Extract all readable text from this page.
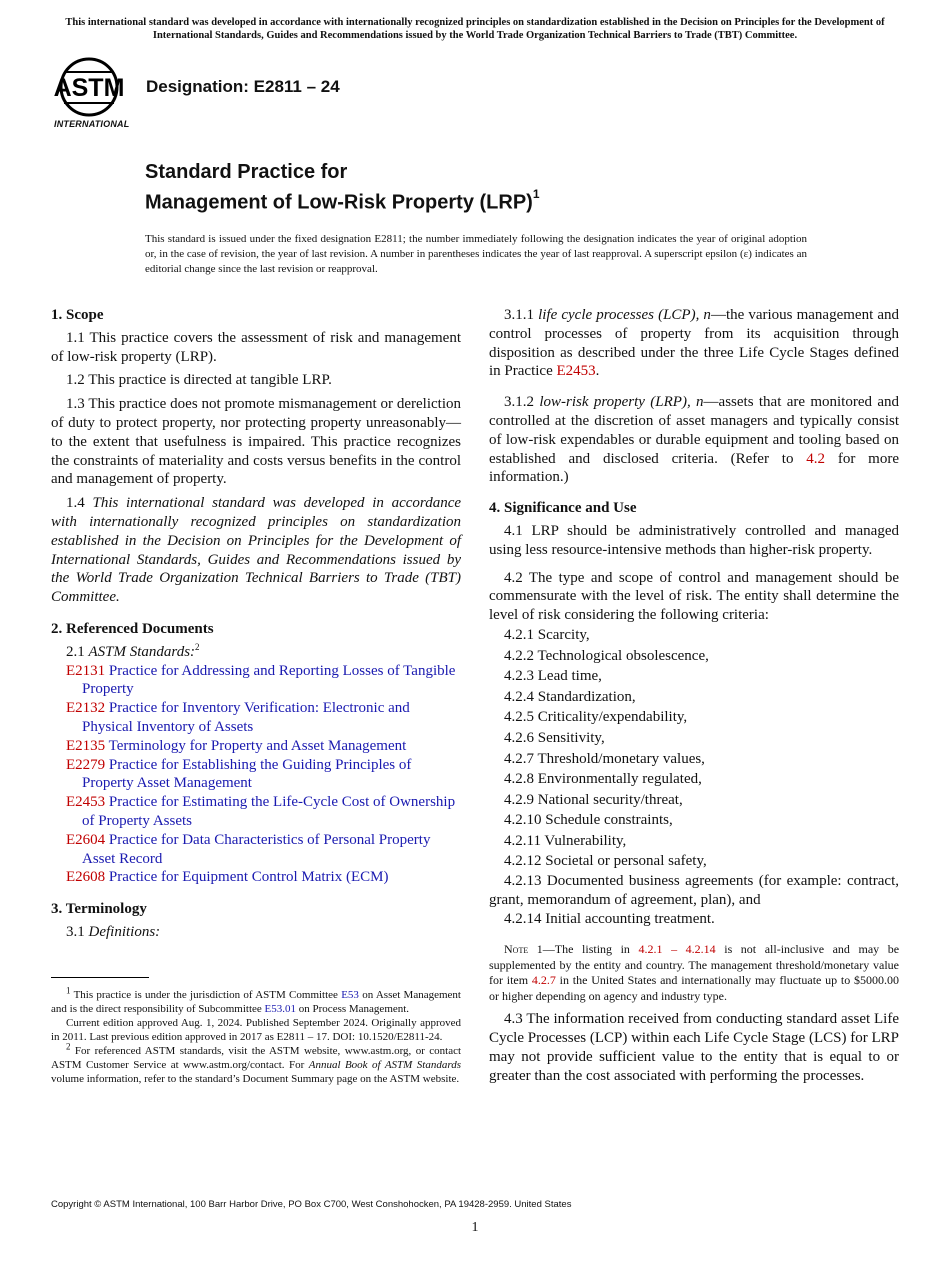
This international standard was developed in accordance with internationally recognized principles on standardization established in the Decision on Principles for the Development of International Standards, Guides and Recommendations issued by the World Trade Organization Technical Barriers to Trade (TBT) Committee.
ASTM
INTERNATIONAL
Designation: E2811 – 24
Standard Practice for
Management of Low-Risk Property (LRP)$^1$
This standard is issued under the fixed designation E2811; the number immediately following the designation indicates the year of original adoption or, in the case of revision, the year of last revision. A number in parentheses indicates the year of last reapproval. A superscript epsilon (ε) indicates an editorial change since the last revision or reapproval.
1. Scope
1.1 This practice covers the assessment of risk and management of low-risk property (LRP).
1.2 This practice is directed at tangible LRP.
1.3 This practice does not promote mismanagement or dereliction of duty to protect property, nor protecting property unreasonably—to the extent that usefulness is impaired. This practice recognizes the constraints of materiality and costs versus benefits in the control and management of property.
1.4 This international standard was developed in accordance with internationally recognized principles on standardization established in the Decision on Principles for the Development of International Standards, Guides and Recommendations issued by the World Trade Organization Technical Barriers to Trade (TBT) Committee.
2. Referenced Documents
2.1 ASTM Standards:$^2$
E2131 Practice for Addressing and Reporting Losses of Tangible Property
E2132 Practice for Inventory Verification: Electronic and Physical Inventory of Assets
E2135 Terminology for Property and Asset Management
E2279 Practice for Establishing the Guiding Principles of Property Asset Management
E2453 Practice for Estimating the Life-Cycle Cost of Ownership of Property Assets
E2604 Practice for Data Characteristics of Personal Property Asset Record
E2608 Practice for Equipment Control Matrix (ECM)
3. Terminology
3.1 Definitions:

$^1$ This practice is under the jurisdiction of ASTM Committee E53 on Asset Management and is the direct responsibility of Subcommittee E53.01 on Process Management.

Current edition approved Aug. 1, 2024. Published September 2024. Originally approved in 2011. Last previous edition approved in 2017 as E2811 – 17. DOI: 10.1520/E2811-24.

$^2$ For referenced ASTM standards, visit the ASTM website, www.astm.org, or contact ASTM Customer Service at www.astm.org/contact. For Annual Book of ASTM Standards volume information, refer to the standard’s Document Summary page on the ASTM website.

3.1.1 life cycle processes (LCP), n—the various management and control processes of property from its acquisition through disposition as described under the three Life Cycle Stages defined in Practice E2453.
3.1.2 low-risk property (LRP), n—assets that are monitored and controlled at the discretion of asset managers and typically consist of low-risk expendables or durable equipment and tooling based on established and disclosed criteria. (Refer to 4.2 for more information.)
4. Significance and Use
4.1 LRP should be administratively controlled and managed using less resource-intensive methods than higher-risk property.
4.2 The type and scope of control and management should be commensurate with the level of risk. The entity shall determine the level of risk considering the following criteria:
4.2.1 Scarcity,
4.2.2 Technological obsolescence,
4.2.3 Lead time,
4.2.4 Standardization,
4.2.5 Criticality/expendability,
4.2.6 Sensitivity,
4.2.7 Threshold/monetary values,
4.2.8 Environmentally regulated,
4.2.9 National security/threat,
4.2.10 Schedule constraints,
4.2.11 Vulnerability,
4.2.12 Societal or personal safety,
4.2.13 Documented business agreements (for example: contract, grant, memorandum of agreement, plan), and
4.2.14 Initial accounting treatment.
Note 1—The listing in 4.2.1 – 4.2.14 is not all-inclusive and may be supplemented by the entity and country. The management threshold/monetary value for item 4.2.7 in the United States and internationally may fluctuate up to $5000.00 or higher depending on agency and industry type.
4.3 The information received from conducting standard asset Life Cycle Processes (LCP) within each Life Cycle Stage (LCS) for LRP may not provide sufficient value to the entity that is equal to or greater than the cost associated with performing the processes.
Copyright © ASTM International, 100 Barr Harbor Drive, PO Box C700, West Conshohocken, PA 19428-2959. United States
1
